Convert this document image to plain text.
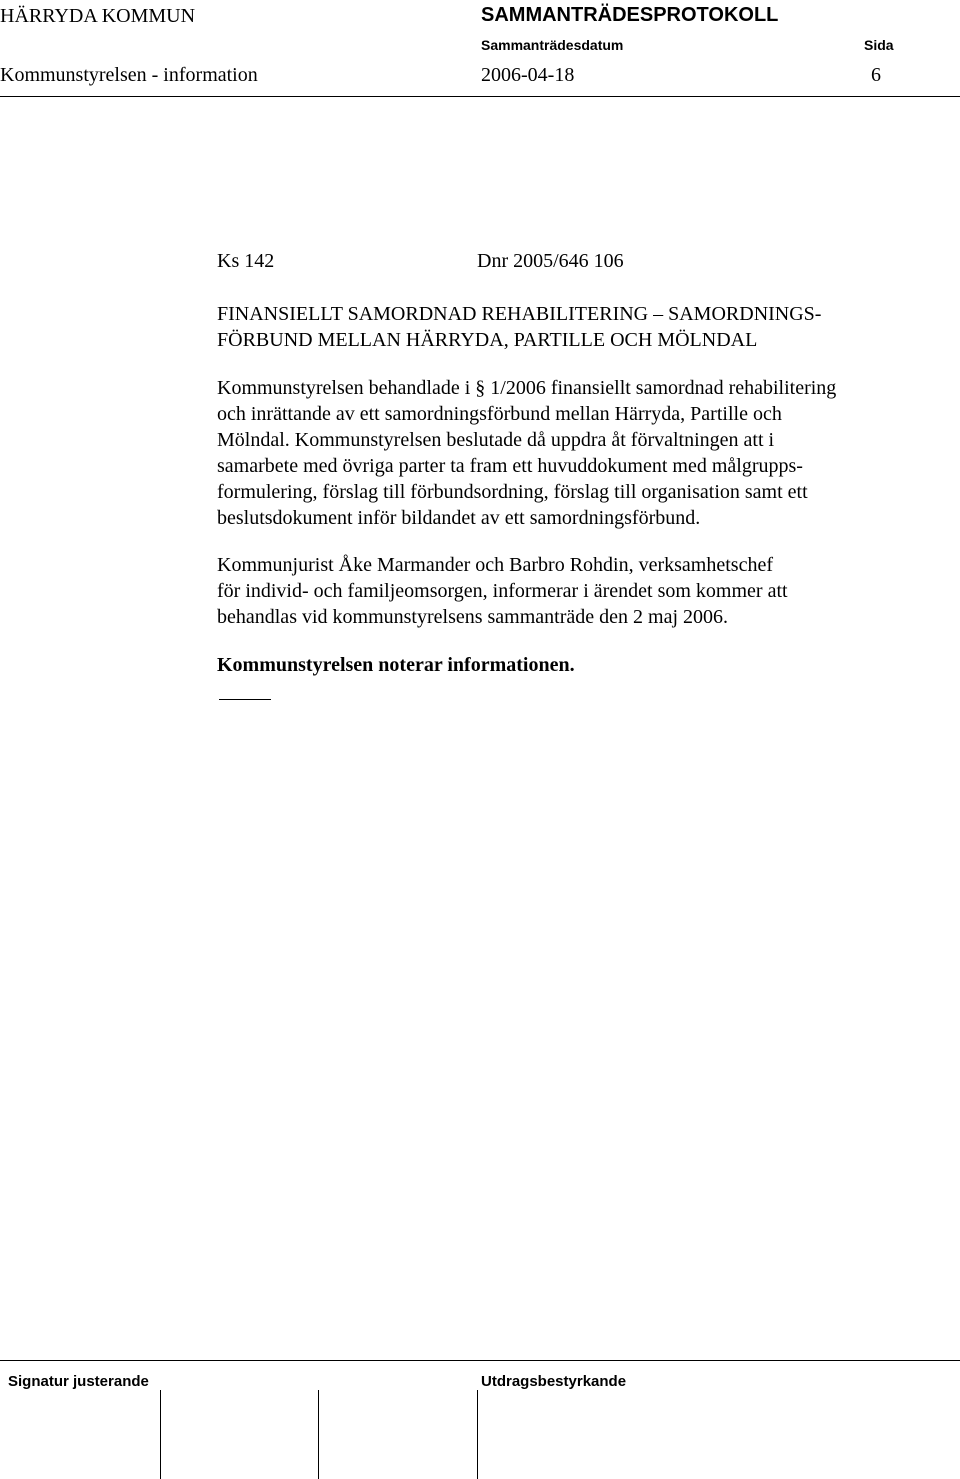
HÄRRYDA KOMMUN	SAMMANTRÄDESPROTOKOLL
Sammanträdesdatum	Sida
Kommunstyrelsen - information	2006-04-18	6
Ks 142	Dnr 2005/646 106
FINANSIELLT SAMORDNAD REHABILITERING – SAMORDNINGS-
FÖRBUND MELLAN HÄRRYDA, PARTILLE OCH MÖLNDAL
Kommunstyrelsen behandlade i § 1/2006 finansiellt samordnad rehabilitering
och inrättande av ett samordningsförbund mellan Härryda, Partille och
Mölndal. Kommunstyrelsen beslutade då uppdra åt förvaltningen att i
samarbete med övriga parter ta fram ett huvuddokument med målgrupps-
formulering, förslag till förbundsordning, förslag till organisation samt ett
beslutsdokument inför bildandet av ett samordningsförbund.
Kommunjurist Åke Marmander och Barbro Rohdin, verksamhetschef
för individ- och familjeomsorgen, informerar i ärendet som kommer att
behandlas vid kommunstyrelsens sammanträde den 2 maj 2006.
Kommunstyrelsen noterar informationen.
Signatur justerande	Utdragsbestyrkande
